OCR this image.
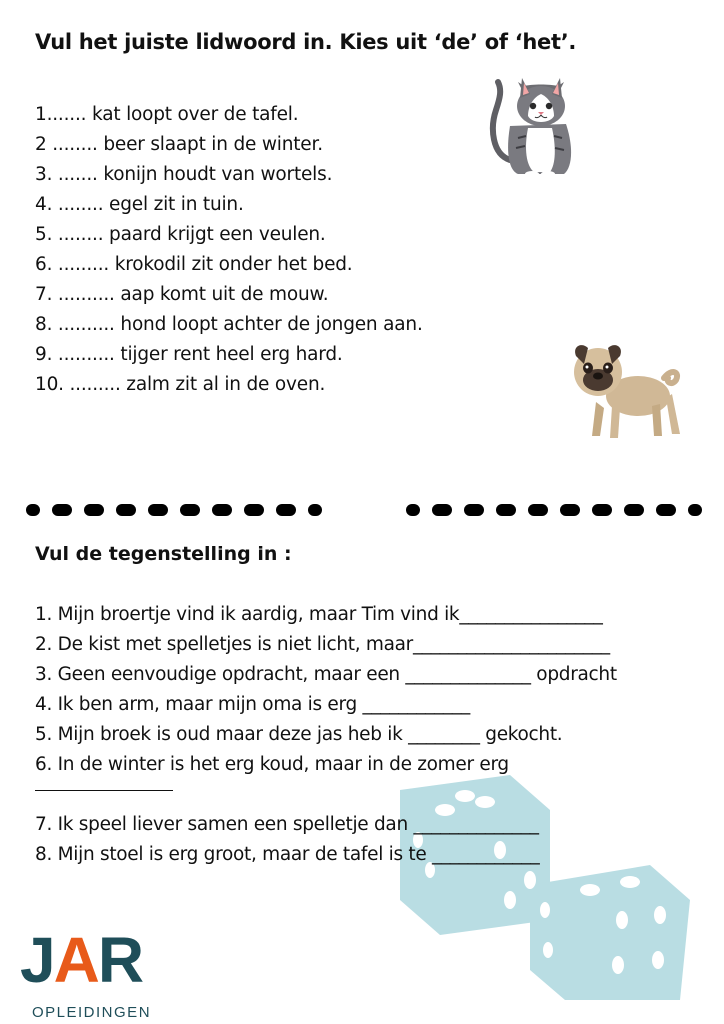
Vul het juiste lidwoord in. Kies uit ‘de’ of ‘het’.
1....... kat loopt over de tafel.
2 ........ beer slaapt in de winter.
3. ....... konijn houdt van wortels.
4. ........ egel zit in tuin.
5. ........ paard krijgt een veulen.
6. ......... krokodil zit onder het bed.
7. .......... aap komt uit de mouw.
8. .......... hond loopt achter de jongen aan.
9. .......... tijger rent heel erg hard.
10. ......... zalm zit al in de oven.
Vul de tegenstelling in :
1. Mijn broertje vind ik aardig, maar Tim vind ik________________
2. De kist met spelletjes is niet licht, maar______________________
3. Geen eenvoudige opdracht, maar een ______________ opdracht
4. Ik ben arm, maar mijn oma is erg ____________
5. Mijn broek is oud maar deze jas heb ik ________ gekocht.
6. In de winter is het erg koud, maar in de zomer erg
7. Ik speel liever samen een spelletje dan ______________
8. Mijn stoel is erg groot, maar de tafel is te ____________
JAR
OPLEIDINGEN
